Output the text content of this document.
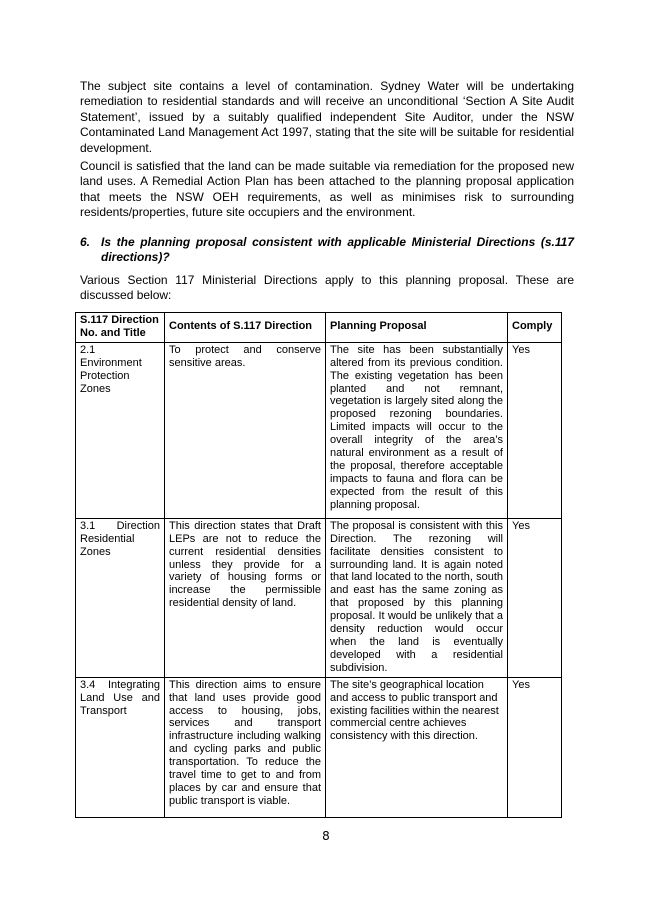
The subject site contains a level of contamination. Sydney Water will be undertaking remediation to residential standards and will receive an unconditional ‘Section A Site Audit Statement’, issued by a suitably qualified independent Site Auditor, under the NSW Contaminated Land Management Act 1997, stating that the site will be suitable for residential development.

Council is satisfied that the land can be made suitable via remediation for the proposed new land uses. A Remedial Action Plan has been attached to the planning proposal application that meets the NSW OEH requirements, as well as minimises risk to surrounding residents/properties, future site occupiers and the environment.

6. Is the planning proposal consistent with applicable Ministerial Directions (s.117 directions)?

Various Section 117 Ministerial Directions apply to this planning proposal. These are discussed below:

S.117 Direction No. and Title	Contents of S.117 Direction	Planning Proposal	Comply
2.1 Environment Protection Zones	To protect and conserve sensitive areas.	The site has been substantially altered from its previous condition. The existing vegetation has been planted and not remnant, vegetation is largely sited along the proposed rezoning boundaries. Limited impacts will occur to the overall integrity of the area’s natural environment as a result of the proposal, therefore acceptable impacts to fauna and flora can be expected from the result of this planning proposal.	Yes
3.1 Direction Residential Zones	This direction states that Draft LEPs are not to reduce the current residential densities unless they provide for a variety of housing forms or increase the permissible residential density of land.	The proposal is consistent with this Direction. The rezoning will facilitate densities consistent to surrounding land. It is again noted that land located to the north, south and east has the same zoning as that proposed by this planning proposal. It would be unlikely that a density reduction would occur when the land is eventually developed with a residential subdivision.	Yes
3.4 Integrating Land Use and Transport	This direction aims to ensure that land uses provide good access to housing, jobs, services and transport infrastructure including walking and cycling parks and public transportation. To reduce the travel time to get to and from places by car and ensure that public transport is viable.	The site’s geographical location and access to public transport and existing facilities within the nearest commercial centre achieves consistency with this direction.	Yes
8
